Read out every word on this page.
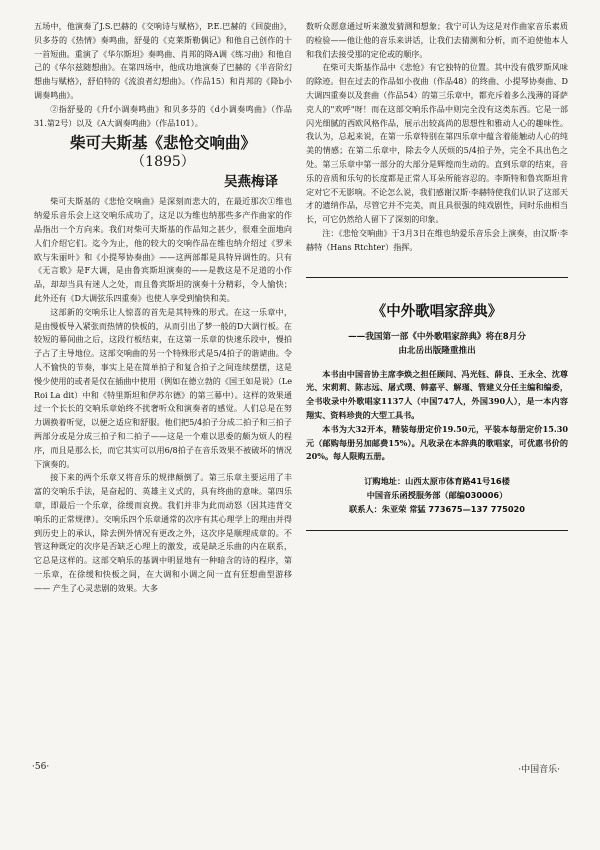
五场中，他演奏了J.S.巴赫的《交响诗与赋格》，P.E.巴赫的《回旋曲》，贝多芬的《热情》奏鸣曲，舒曼的《克莱斯勒偶记》和他自己创作的十一首短曲。重演了《华尔斯坦》奏鸣曲、肖邦的降A调《练习曲》和他自己的《华尔兹随想曲》。在第四场中，他成功地演奏了巴赫的《半音阶幻想曲与赋格》，舒伯特的《流浪者幻想曲》。（作品15）和肖邦的《降b小调奏鸣曲》。

②指舒曼的《升f小调奏鸣曲》和贝多芬的《d小调奏鸣曲》（作品31.第2号）以及《A大调奏鸣曲》（作品101）。

柴可夫斯基《悲怆交响曲》
（1895）
吴燕梅译

柴可夫斯基的《悲怆交响曲》是深刻而悲大的，在最近那次①维也纳爱乐音乐会上这交响乐成功了，这足以为维也纳那些多产作曲家的作品指出一个方向来。我们对柴可夫斯基的作品知之甚少，很难全面地向人们介绍它们。迄今为止，他的较大的交响作品在维也纳介绍过《罗米欧与朱丽叶》和《小提琴协奏曲》——这两部都是具特异调性的。只有《无言歌》是F大调，是由鲁宾斯坦演奏的——是教这是不足道的小作品，却却当具有迷人之处，而且鲁宾斯坦的演奏十分精彩，令人愉快；此外还有《D大调弦乐四重奏》也使人享受到愉快和美。

这部新的交响乐让人惊喜的首先是其特殊的形式。在这一乐章中，是由慢板导入紧张而热情的快板的，从而引出了梦一般的D大调行板。在较短的幕间曲之后，这段行板结束，在这第一乐章的快速乐段中，慢拍子占了主导地位。这部交响曲的另一个特殊形式是5/4拍子的谐谑曲。令人不愉快的节奏，事实上是在简单拍子和复合拍子之间连续摆摆，这是慢少使用的或者是仅在插曲中使用（例如在德立勃的《国王如是说》（Le Roi La dit）中和《特里斯坦和伊苏尔德》的第三幕中）。这样的效果通过一个长长的交响乐章始终不扰奢听众和演奏者的感觉。人们总是在努力调换着听觉，以便之适应和舒服。他们把5/4拍子分成二拍子和三拍子两部分或是分成三拍子和二拍子——这是一个难以思委的颇为烦人的程序，而且是那么长，而它其实可以用6/8拍子在音乐效果不被破坏的情况下演奏的。

接下来的两个乐章又将音乐的规律颠倒了。第三乐章主要运用了丰富的交响乐手法，是奋起的、英雄主义式的，具有终曲的意味。第四乐章，即最后一个乐章，徐缓而哀挽。我们并非为此而动怒（因其违背交响乐的正常规律）。交响乐四个乐章通常的次序有其心理学上的理由并得到历史上的承认，除去例外情况有更改之外，这次序是顺理成章的。不管这种既定的次序是否缺乏心理上的激发，或是缺乏乐曲的内在联系，它总是这样的。这部交响乐的基调中明显地有一种暗含的诗的程序，第一乐章，在徐缓和快板之间，在大调和小调之间一直有狂想曲型游移—— 产生了心灵悲剧的效果。大多

数听众愿意通过听来激发猜测和想象；我宁可认为这是对作曲家音乐素质的检验——他让他的音乐来讲话，让我们去猜测和分析，而不迫使他本人和我们去接受那的定伦或的顺序。

在柴可夫斯基作品中《悲怆》有它独特的位置。其中没有俄罗斯风味的除迹。但在过去的作品如小夜曲（作品48）的终曲、小提琴协奏曲、D大调四重奏以及套曲（作品54）的第三乐章中，都充斥着多么浅薄的哥萨克人的"欢呼"呀！而在这部交响乐作品中则完全没有这类东西。它是一部闪光细腻的西欧风格作品，展示出较高尚的思想性和雅动人心的趣味性。我认为，总起来说，在第一乐章特别在第四乐章中蕴含着能触动人心的纯美的情感；在第二乐章中，除去令人厌烦的5/4拍子外，完全不具出色之处。第三乐章中第一部分的大部分是辉煌而生动的。直到乐章的结束，音乐的音质和乐句的长度都是正常人耳朵所能容忍的。李斯特和鲁宾斯坦肯定对它不无影响。不论怎么说，我们感谢汉斯·李赫特使我们认识了这部天才的遗纳作品，尽管它并不完美，而且具很强的纯戏剧性，同时乐曲相当长，可它仍然给人留下了深刻的印象。

注：《悲怆交响曲》于3月3日在维也纳爱乐音乐会上演奏，由汉斯·李赫特（Hans Rtchter）指挥。

《中外歌唱家辞典》
——我国第一部《中外歌唱家辞典》将在8月分
由北岳出版隆重推出

本书由中国音协主席李焕之担任顾问、冯光钰、薛良、王永全、沈尊光、宋莉莉、陈志远、屠式璞、韩嘉平、解瑾、管建义分任主编和编委，全书收录中外歌唱家1137人（中国747人，外国390人），是一本内容翔实、资料珍贵的大型工具书。

本书为大32开本，精装每册定价19.50元，平装本每册定价15.30元（邮购每册另加邮费15%）。凡收录在本辞典的歌唱家，可优惠书价的20%。每人限购五册。

订购地址：山西太原市体育路41号16楼
中国音乐函授服务部（邮编030006）
联系人：朱亚荣 常猛 773675—137 775020
·56·	·中国音乐·
